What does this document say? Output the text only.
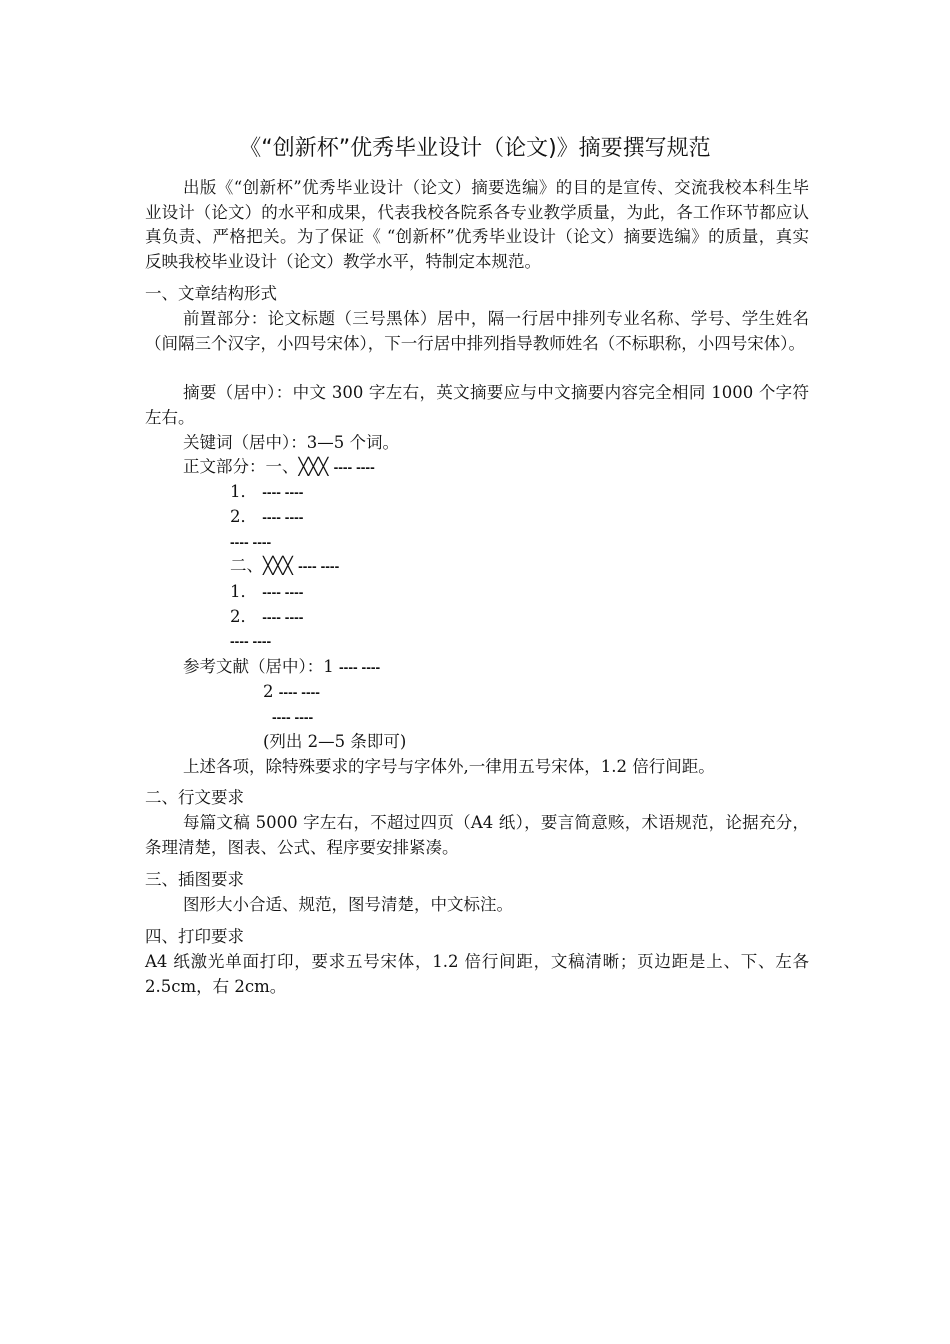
《“创新杯”优秀毕业设计（论文)》摘要撰写规范
出版《“创新杯”优秀毕业设计（论文）摘要选编》的目的是宣传、交流我校本科生毕业设计（论文）的水平和成果，代表我校各院系各专业教学质量，为此，各工作环节都应认真负责、严格把关。为了保证《 “创新杯”优秀毕业设计（论文）摘要选编》的质量，真实反映我校毕业设计（论文）教学水平，特制定本规范。
一、文章结构形式
前置部分：论文标题（三号黑体）居中，隔一行居中排列专业名称、学号、学生姓名（间隔三个汉字，小四号宋体），下一行居中排列指导教师姓名（不标职称，小四号宋体）。
摘要（居中）：中文 300 字左右，英文摘要应与中文摘要内容完全相同 1000 个字符左右。
关键词（居中）：3—5 个词。
正文部分：一、╳╳╳ ---- ----
1． ---- ----
2． ---- ----
---- ----
二、╳╳╳ ---- ----
1． ---- ----
2． ---- ----
---- ----
参考文献（居中）：1 ---- ----
2 ---- ----
---- ----
(列出 2—5 条即可)
上述各项，除特殊要求的字号与字体外,一律用五号宋体，1.2 倍行间距。
二、行文要求
每篇文稿 5000 字左右，不超过四页（A4 纸），要言简意赅，术语规范，论据充分，条理清楚，图表、公式、程序要安排紧凑。
三、插图要求
图形大小合适、规范，图号清楚，中文标注。
四、打印要求
A4 纸激光单面打印，要求五号宋体，1.2 倍行间距，文稿清晰；页边距是上、下、左各 2.5cm，右 2cm。
